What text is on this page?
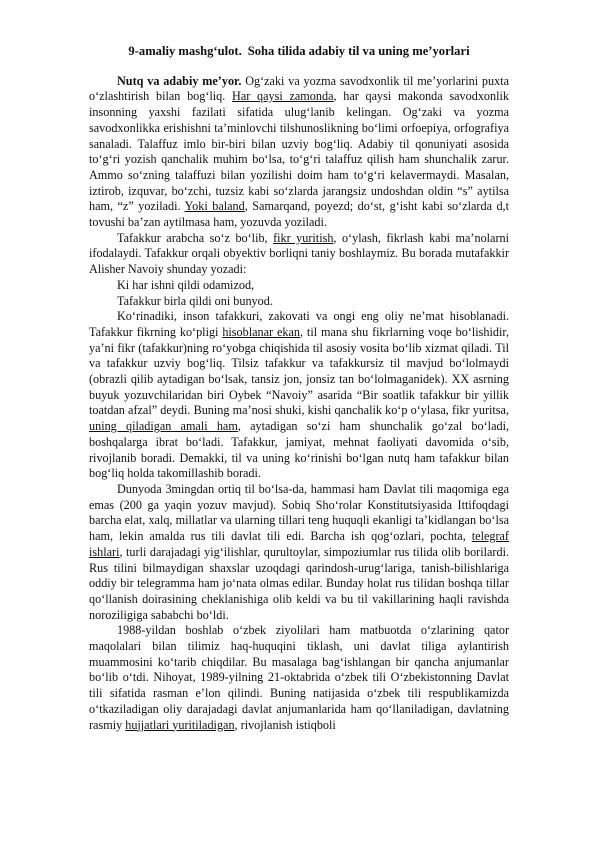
9-amaliy mashg‘ulot. Soha tilida adabiy til va uning me’yorlari

Nutq va adabiy me’yor. Og‘zaki va yozma savodxonlik til me’yorlarini puxta o‘zlashtirish bilan bog‘liq. Har qaysi zamonda, har qaysi makonda savodxonlik insonning yaxshi fazilati sifatida ulug‘lanib kelingan. Og‘zaki va yozma savodxonlikka erishishni ta’minlovchi tilshunoslikning bo‘limi orfoepiya, orfografiya sanaladi. Talaffuz imlo bir-biri bilan uzviy bog‘liq. Adabiy til qonuniyati asosida to‘g‘ri yozish qanchalik muhim bo‘lsa, to‘g‘ri talaffuz qilish ham shunchalik zarur. Ammo so‘zning talaffuzi bilan yozilishi doim ham to‘g‘ri kelavermaydi. Masalan, iztirob, izquvar, bo‘zchi, tuzsiz kabi so‘zlarda jarangsiz undoshdan oldin “s” aytilsa ham, “z” yoziladi. Yoki baland, Samarqand, poyezd; do‘st, g‘isht kabi so‘zlarda d,t tovushi ba’zan aytilmasa ham, yozuvda yoziladi.

Tafakkur arabcha so‘z bo‘lib, fikr yuritish, o‘ylash, fikrlash kabi ma’nolarni ifodalaydi. Tafakkur orqali obyektiv borliqni taniy boshlaymiz. Bu borada mutafakkir Alisher Navoiy shunday yozadi:

Ki har ishni qildi odamizod,

Tafakkur birla qildi oni bunyod.

Ko‘rinadiki, inson tafakkuri, zakovati va ongi eng oliy ne’mat hisoblanadi. Tafakkur fikrning ko‘pligi hisoblanar ekan, til mana shu fikrlarning voqe bo‘lishidir, ya’ni fikr (tafakkur)ning ro‘yobga chiqishida til asosiy vosita bo‘lib xizmat qiladi. Til va tafakkur uzviy bog‘liq. Tilsiz tafakkur va tafakkursiz til mavjud bo‘lolmaydi (obrazli qilib aytadigan bo‘lsak, tansiz jon, jonsiz tan bo‘lolmaganidek). XX asrning buyuk yozuvchilaridan biri Oybek “Navoiy” asarida “Bir soatlik tafakkur bir yillik toatdan afzal” deydi. Buning ma’nosi shuki, kishi qanchalik ko‘p o‘ylasa, fikr yuritsa, uning qiladigan amali ham, aytadigan so‘zi ham shunchalik go‘zal bo‘ladi, boshqalarga ibrat bo‘ladi. Tafakkur, jamiyat, mehnat faoliyati davomida o‘sib, rivojlanib boradi. Demakki, til va uning ko‘rinishi bo‘lgan nutq ham tafakkur bilan bog‘liq holda takomillashib boradi.

Dunyoda 3mingdan ortiq til bo‘lsa-da, hammasi ham Davlat tili maqomiga ega emas (200 ga yaqin yozuv mavjud). Sobiq Sho‘rolar Konstitutsiyasida Ittifoqdagi barcha elat, xalq, millatlar va ularning tillari teng huquqli ekanligi ta’kidlangan bo‘lsa ham, lekin amalda rus tili davlat tili edi. Barcha ish qog‘ozlari, pochta, telegraf ishlari, turli darajadagi yig‘ilishlar, qurultoylar, simpoziumlar rus tilida olib borilardi. Rus tilini bilmaydigan shaxslar uzoqdagi qarindosh-urug‘lariga, tanish-bilishlariga oddiy bir telegramma ham jo‘nata olmas edilar. Bunday holat rus tilidan boshqa tillar qo‘llanish doirasining cheklanishiga olib keldi va bu til vakillarining haqli ravishda noroziligiga sababchi bo‘ldi.

1988-yildan boshlab o‘zbek ziyolilari ham matbuotda o‘zlarining qator maqolalari bilan tilimiz haq-huquqini tiklash, uni davlat tiliga aylantirish muammosini ko‘tarib chiqdilar. Bu masalaga bag‘ishlangan bir qancha anjumanlar bo‘lib o‘tdi. Nihoyat, 1989-yilning 21-oktabrida o‘zbek tili O‘zbekistonning Davlat tili sifatida rasman e’lon qilindi. Buning natijasida o‘zbek tili respublikamizda o‘tkaziladigan oliy darajadagi davlat anjumanlarida ham qo‘llaniladigan, davlatning rasmiy hujjatlari yuritiladigan, rivojlanish istiqboli
